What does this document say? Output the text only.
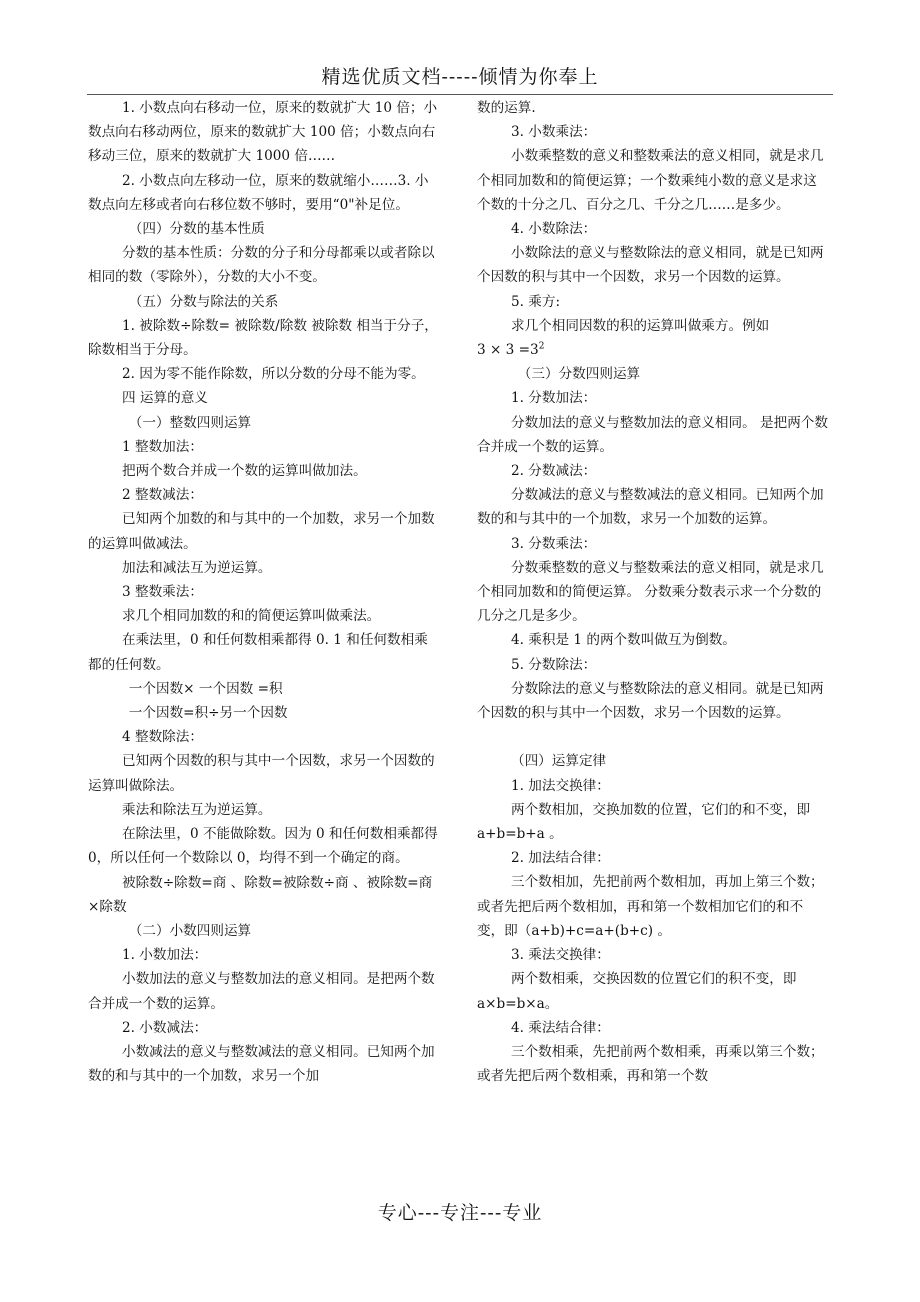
精选优质文档-----倾情为你奉上

1. 小数点向右移动一位，原来的数就扩大 10 倍；小数点向右移动两位，原来的数就扩大 100 倍；小数点向右移动三位，原来的数就扩大 1000 倍……

2. 小数点向左移动一位，原来的数就缩小……3. 小数点向左移或者向右移位数不够时，要用“0"补足位。

（四）分数的基本性质

分数的基本性质：分数的分子和分母都乘以或者除以相同的数（零除外），分数的大小不变。

（五）分数与除法的关系

1. 被除数÷除数= 被除数/除数 被除数 相当于分子，除数相当于分母。

2. 因为零不能作除数，所以分数的分母不能为零。

四 运算的意义

（一）整数四则运算

1 整数加法：

把两个数合并成一个数的运算叫做加法。

2 整数减法：

已知两个加数的和与其中的一个加数，求另一个加数的运算叫做减法。

加法和减法互为逆运算。

3 整数乘法：

求几个相同加数的和的简便运算叫做乘法。

在乘法里，0 和任何数相乘都得 0. 1 和任何数相乘都的任何数。

一个因数× 一个因数 =积

一个因数=积÷另一个因数

4 整数除法：

已知两个因数的积与其中一个因数，求另一个因数的运算叫做除法。

乘法和除法互为逆运算。

在除法里，0 不能做除数。因为 0 和任何数相乘都得 0，所以任何一个数除以 0，均得不到一个确定的商。

被除数÷除数=商 、除数=被除数÷商 、被除数=商×除数

（二）小数四则运算

1. 小数加法：

小数加法的意义与整数加法的意义相同。是把两个数合并成一个数的运算。

2. 小数减法：

小数减法的意义与整数减法的意义相同。已知两个加数的和与其中的一个加数，求另一个加

数的运算.

3. 小数乘法：

小数乘整数的意义和整数乘法的意义相同，就是求几个相同加数和的简便运算；一个数乘纯小数的意义是求这个数的十分之几、百分之几、千分之几……是多少。

4. 小数除法：

小数除法的意义与整数除法的意义相同，就是已知两个因数的积与其中一个因数，求另一个因数的运算。

5. 乘方:

求几个相同因数的积的运算叫做乘方。例如

$3 \times 3 =3^2$

（三）分数四则运算

1. 分数加法：

分数加法的意义与整数加法的意义相同。 是把两个数合并成一个数的运算。

2. 分数减法：

分数减法的意义与整数减法的意义相同。已知两个加数的和与其中的一个加数，求另一个加数的运算。

3. 分数乘法：

分数乘整数的意义与整数乘法的意义相同，就是求几个相同加数和的简便运算。 分数乘分数表示求一个分数的几分之几是多少。

4. 乘积是 1 的两个数叫做互为倒数。

5. 分数除法：

分数除法的意义与整数除法的意义相同。就是已知两个因数的积与其中一个因数，求另一个因数的运算。

（四）运算定律

1. 加法交换律：

两个数相加，交换加数的位置，它们的和不变，即 a+b=b+a 。

2. 加法结合律：

三个数相加，先把前两个数相加，再加上第三个数；或者先把后两个数相加，再和第一个数相加它们的和不变，即（a+b)+c=a+(b+c) 。

3. 乘法交换律：

两个数相乘，交换因数的位置它们的积不变，即 a×b=b×a。

4. 乘法结合律：

三个数相乘，先把前两个数相乘，再乘以第三个数；或者先把后两个数相乘，再和第一个数

专心---专注---专业
